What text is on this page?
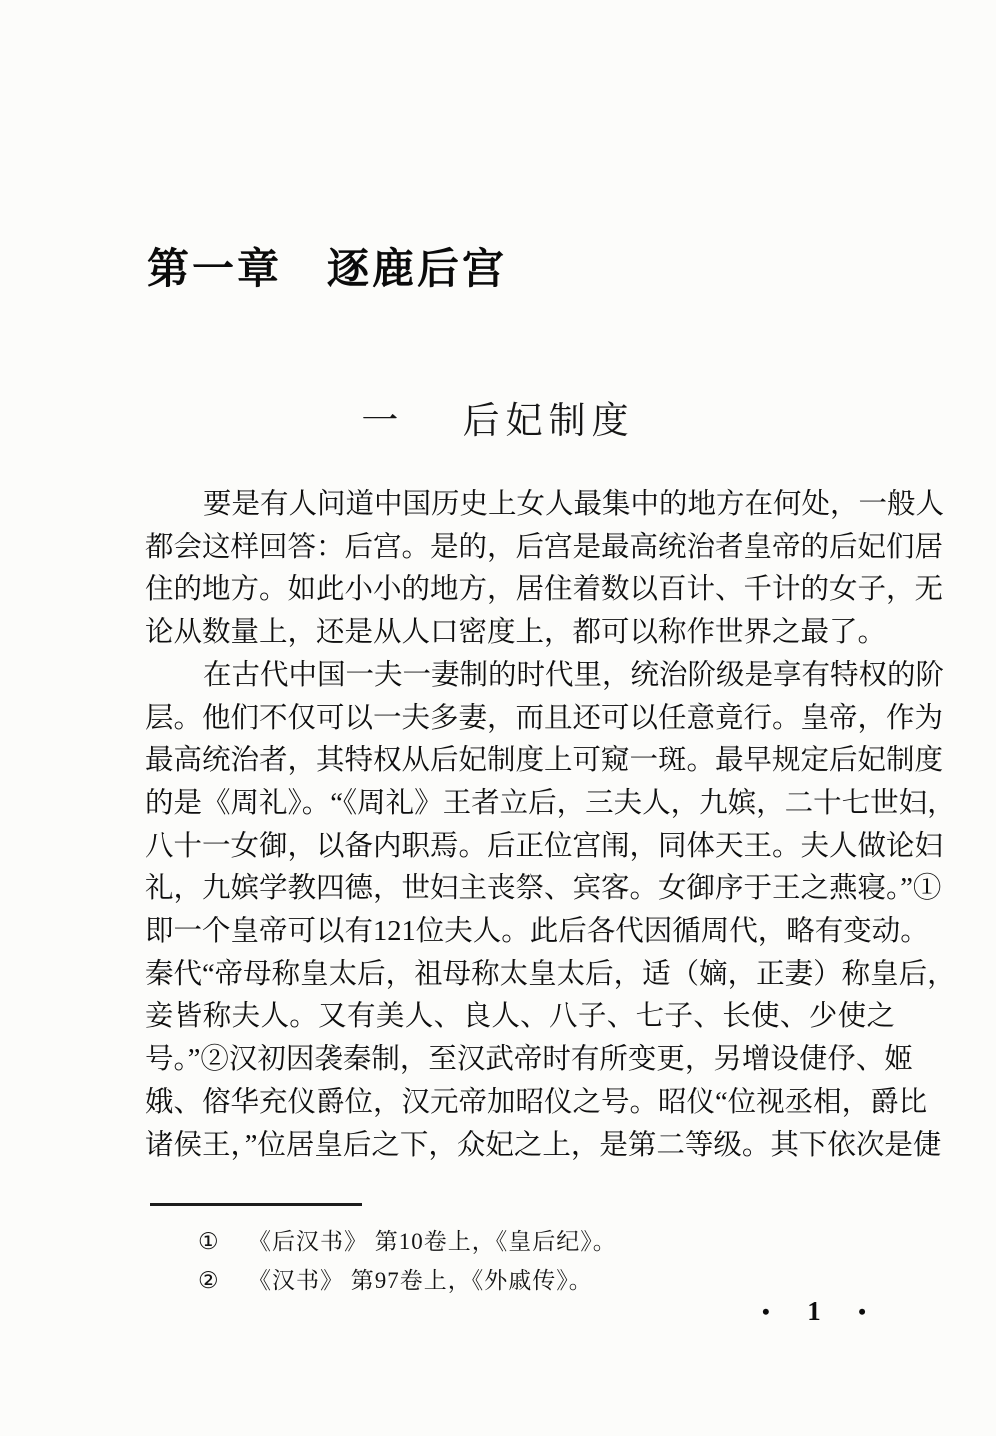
第一章　逐鹿后宫
一　 后妃制度
要是有人问道中国历史上女人最集中的地方在何处，一般人
都会这样回答：后宫。是的，后宫是最高统治者皇帝的后妃们居
住的地方。如此小小的地方，居住着数以百计、千计的女子，无
论从数量上，还是从人口密度上，都可以称作世界之最了。
在古代中国一夫一妻制的时代里，统治阶级是享有特权的阶
层。他们不仅可以一夫多妻，而且还可以任意竟行。皇帝，作为
最高统治者，其特权从后妃制度上可窥一斑。最早规定后妃制度
的是《周礼》。“《周礼》王者立后，三夫人，九嫔，二十七世妇，
八十一女御，以备内职焉。后正位宫闱，同体天王。夫人做论妇
礼，九嫔学教四德，世妇主丧祭、宾客。女御序于王之燕寝。”①
即一个皇帝可以有121位夫人。此后各代因循周代，略有变动。
秦代“帝母称皇太后，祖母称太皇太后，适（嫡，正妻）称皇后，
妾皆称夫人。又有美人、良人、八子、七子、长使、少使之
号。”②汉初因袭秦制，至汉武帝时有所变更，另增设倢伃、姬
娥、傛华充仪爵位，汉元帝加昭仪之号。昭仪“位视丞相，爵比
诸侯王，”位居皇后之下，众妃之上，是第二等级。其下依次是倢
①	《后汉书》 第10卷上，《皇后纪》。
②	《汉书》 第97卷上，《外戚传》。
• 1 •
